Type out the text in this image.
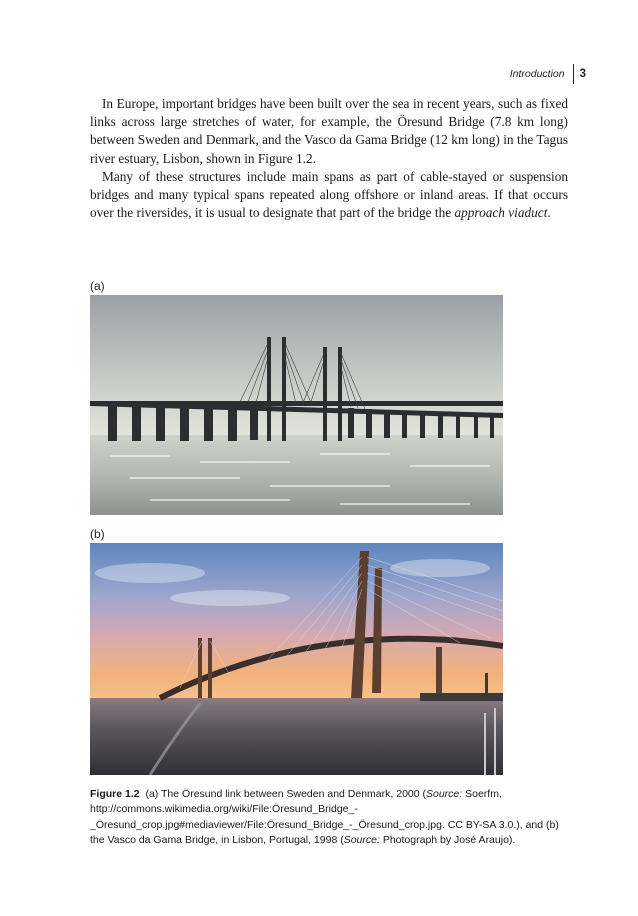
Introduction 3

In Europe, important bridges have been built over the sea in recent years, such as fixed links across large stretches of water, for example, the Öresund Bridge (7.8 km long) between Sweden and Denmark, and the Vasco da Gama Bridge (12 km long) in the Tagus river estuary, Lisbon, shown in Figure 1.2.

Many of these structures include main spans as part of cable-stayed or suspension bridges and many typical spans repeated along offshore or inland areas. If that occurs over the riversides, it is usual to designate that part of the bridge the approach viaduct.

(a)
(b)
Figure 1.2 (a) The Öresund link between Sweden and Denmark, 2000 (Source: Soerfm, http://commons.wikimedia.org/wiki/File:Öresund_Bridge_-_Öresund_crop.jpg#mediaviewer/File:Öresund_Bridge_-_Öresund_crop.jpg. CC BY-SA 3.0.), and (b) the Vasco da Gama Bridge, in Lisbon, Portugal, 1998 (Source: Photograph by José Araujo).
